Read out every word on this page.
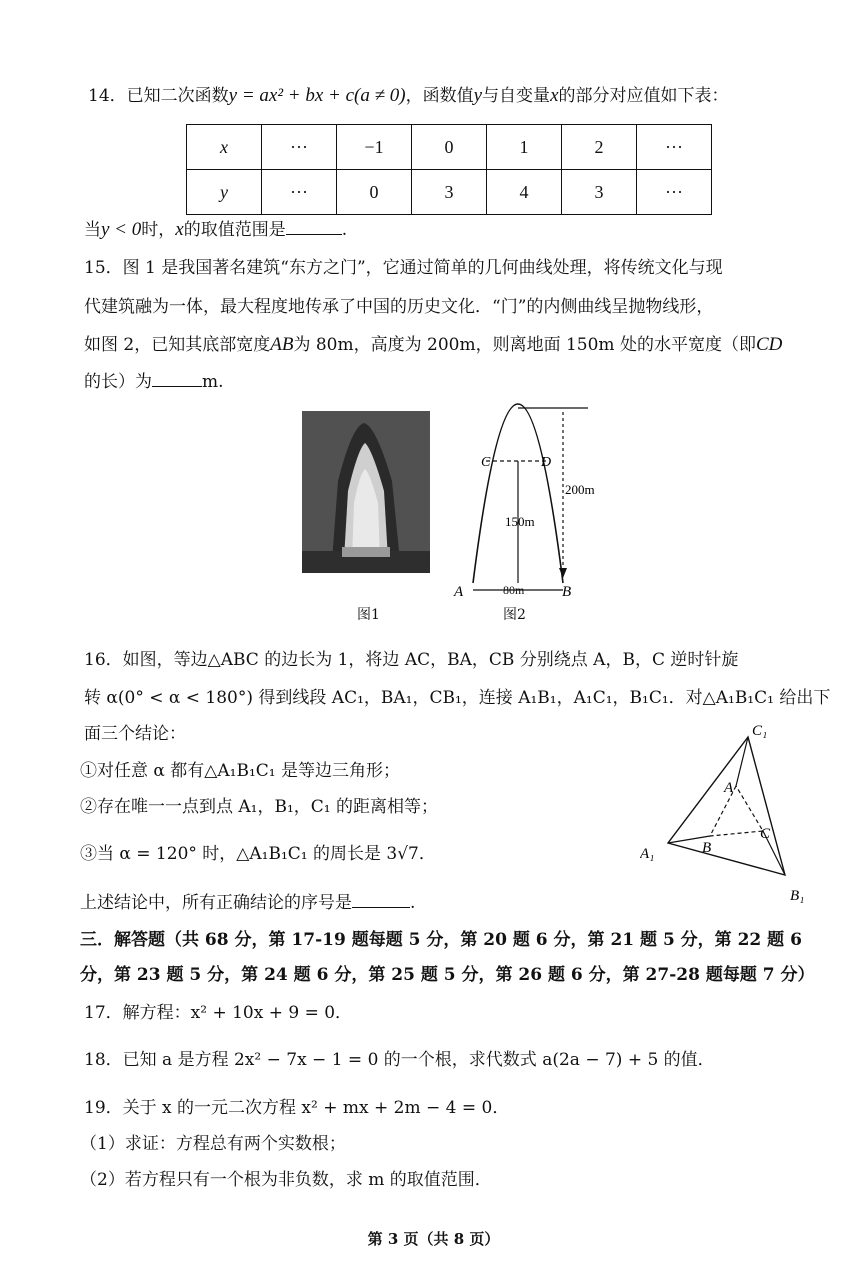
14．已知二次函数y = ax² + bx + c(a ≠ 0)，函数值y与自变量x的部分对应值如下表：
x	···	−1	0	1	2	···
y	···	0	3	4	3	···
当y < 0时，x的取值范围是	.
15．图 1 是我国著名建筑“东方之门”，它通过简单的几何曲线处理，将传统文化与现
代建筑融为一体，最大程度地传承了中国的历史文化．“门”的内侧曲线呈抛物线形，
如图 2，已知其底部宽度AB为 80m，高度为 200m，则离地面 150m 处的水平宽度（即CD
的长）为	m.
图1
C	D
200m
150m
80m
A	B
图2
16．如图，等边△ABC 的边长为 1，将边 AC，BA，CB 分别绕点 A，B，C 逆时针旋
转 α(0° < α < 180°) 得到线段 AC₁，BA₁，CB₁，连接 A₁B₁，A₁C₁，B₁C₁．对△A₁B₁C₁ 给出下
面三个结论：
①对任意 α 都有△A₁B₁C₁ 是等边三角形；
②存在唯一一点到点 A₁，B₁，C₁ 的距离相等；
③当 α = 120° 时，△A₁B₁C₁ 的周长是 3√7．
上述结论中，所有正确结论的序号是	.
C₁
A
C
B
A₁
B₁
三．解答题（共 68 分，第 17-19 题每题 5 分，第 20 题 6 分，第 21 题 5 分，第 22 题 6
分，第 23 题 5 分，第 24 题 6 分，第 25 题 5 分，第 26 题 6 分，第 27-28 题每题 7 分）
17．解方程：x² + 10x + 9 = 0．
18．已知 a 是方程 2x² − 7x − 1 = 0 的一个根，求代数式 a(2a − 7) + 5 的值．
19．关于 x 的一元二次方程 x² + mx + 2m − 4 = 0．
（1）求证：方程总有两个实数根；
（2）若方程只有一个根为非负数，求 m 的取值范围．
第 3 页（共 8 页）
